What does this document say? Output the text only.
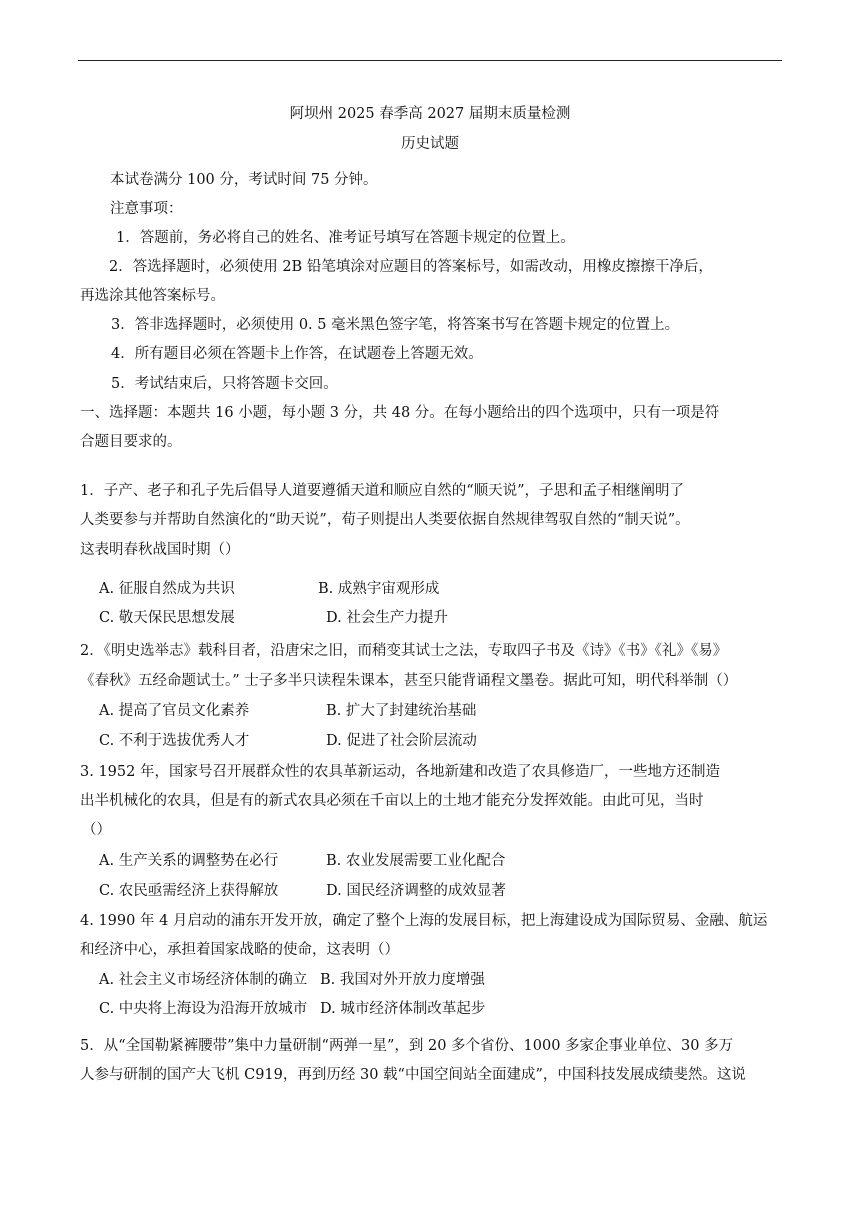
阿坝州 2025 春季高 2027 届期末质量检测
历史试题
本试卷满分 100 分，考试时间 75 分钟。
注意事项：
1．答题前，务必将自己的姓名、准考证号填写在答题卡规定的位置上。
2．答选择题时，必须使用 2B 铅笔填涂对应题目的答案标号，如需改动，用橡皮擦擦干净后，
再选涂其他答案标号。
3．答非选择题时，必须使用 0. 5 毫米黑色签字笔，将答案书写在答题卡规定的位置上。
4．所有题目必须在答题卡上作答，在试题卷上答题无效。
5．考试结束后，只将答题卡交回。
一、选择题：本题共 16 小题，每小题 3 分，共 48 分。在每小题给出的四个选项中，只有一项是符
合题目要求的。
1．子产、老子和孔子先后倡导人道要遵循天道和顺应自然的“顺天说”，子思和孟子相继阐明了
人类要参与并帮助自然演化的“助天说”，荀子则提出人类要依据自然规律驾驭自然的“制天说”。
这表明春秋战国时期（）
A. 征服自然成为共识	B. 成熟宇宙观形成
C. 敬天保民思想发展	D. 社会生产力提升
2．《明史选举志》载科目者，沿唐宋之旧，而稍变其试士之法，专取四子书及《诗》《书》《礼》《易》
《春秋》五经命题试士。” 士子多半只读程朱课本，甚至只能背诵程文墨卷。据此可知，明代科举制（）
A. 提高了官员文化素养	B. 扩大了封建统治基础
C. 不利于选拔优秀人才	D. 促进了社会阶层流动
3. 1952 年，国家号召开展群众性的农具革新运动，各地新建和改造了农具修造厂，一些地方还制造
出半机械化的农具，但是有的新式农具必须在千亩以上的土地才能充分发挥效能。由此可见，当时
（）
A. 生产关系的调整势在必行	B. 农业发展需要工业化配合
C. 农民亟需经济上获得解放	D. 国民经济调整的成效显著
4. 1990 年 4 月启动的浦东开发开放，确定了整个上海的发展目标，把上海建设成为国际贸易、金融、航运
和经济中心，承担着国家战略的使命，这表明（）
A. 社会主义市场经济体制的确立 B. 我国对外开放力度增强
C. 中央将上海设为沿海开放城市 D. 城市经济体制改革起步
5．从“全国勒紧裤腰带”集中力量研制“两弹一星”，到 20 多个省份、1000 多家企事业单位、30 多万
人参与研制的国产大飞机 C919，再到历经 30 载“中国空间站全面建成”，中国科技发展成绩斐然。这说
